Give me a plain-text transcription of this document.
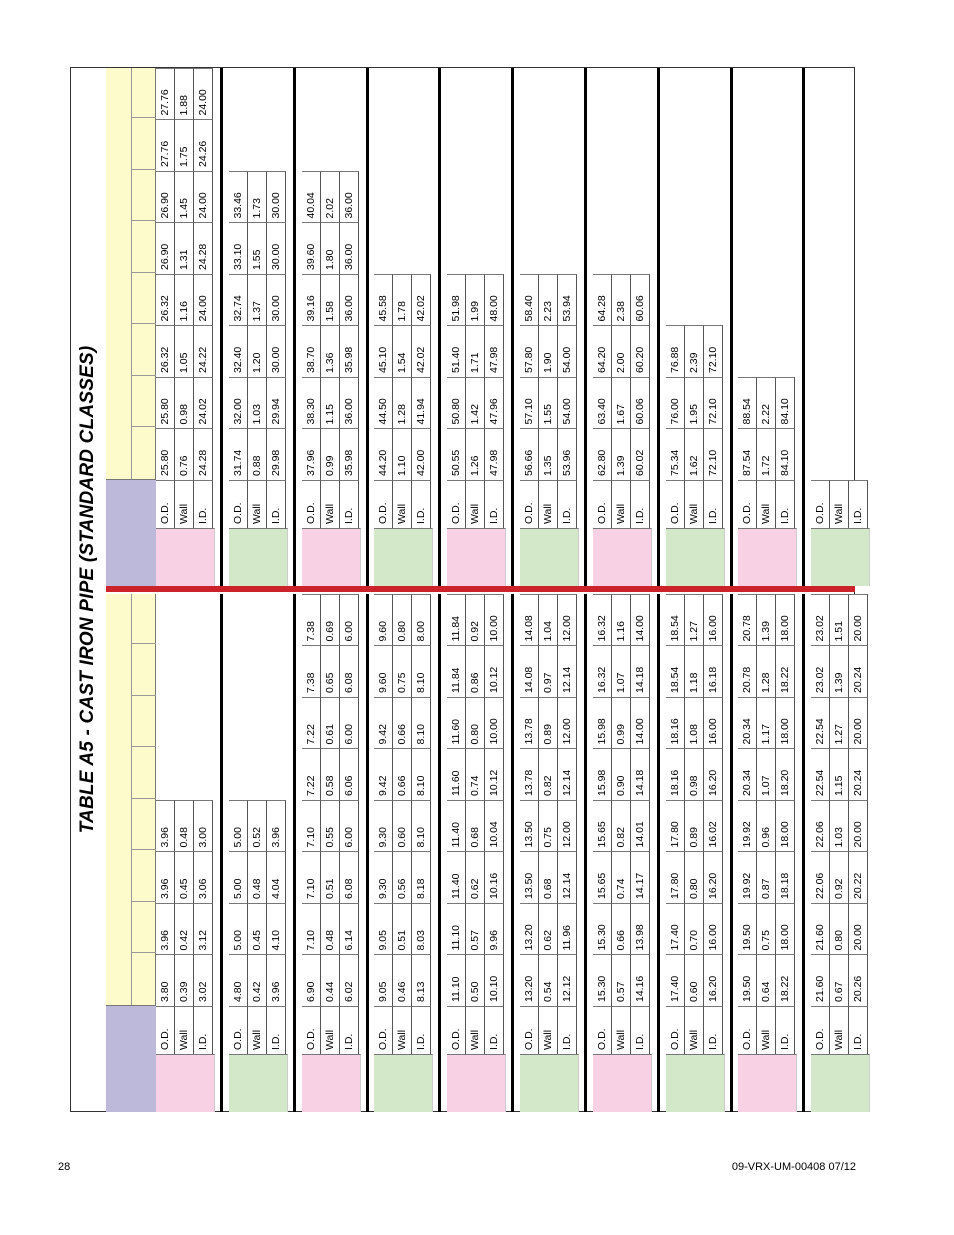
TABLE A5 - CAST IRON PIPE (STANDARD CLASSES)
O.D. Wall I.D.
3.80
3.96
3.96
3.96
0.39
0.42
0.45
0.48
3.02
3.12
3.06
3.00
O.D. Wall I.D.
4.80
5.00
5.00
5.00
0.42
0.45
0.48
0.52
3.96
4.10
4.04
3.96
O.D. Wall I.D.
6.90
7.10
7.10
7.10
7.22
7.22
7.38
7.38
0.44
0.48
0.51
0.55
0.58
0.61
0.65
0.69
6.02
6.14
6.08
6.00
6.06
6.00
6.08
6.00
O.D. Wall I.D.
9.05
9.05
9.30
9.30
9.42
9.42
9.60
9.60
0.46
0.51
0.56
0.60
0.66
0.66
0.75
0.80
8.13
8.03
8.18
8.10
8.10
8.10
8.10
8.00
O.D. Wall I.D.
11.10
11.10
11.40
11.40
11.60
11.60
11.84
11.84
0.50
0.57
0.62
0.68
0.74
0.80
0.86
0.92
10.10
9.96
10.16
10.04
10.12
10.00
10.12
10.00
O.D. Wall I.D.
13.20
13.20
13.50
13.50
13.78
13.78
14.08
14.08
0.54
0.62
0.68
0.75
0.82
0.89
0.97
1.04
12.12
11.96
12.14
12.00
12.14
12.00
12.14
12.00
O.D. Wall I.D.
15.30
15.30
15.65
15.65
15.98
15.98
16.32
16.32
0.57
0.66
0.74
0.82
0.90
0.99
1.07
1.16
14.16
13.98
14.17
14.01
14.18
14.00
14.18
14.00
O.D. Wall I.D.
17.40
17.40
17.80
17.80
18.16
18.16
18.54
18.54
0.60
0.70
0.80
0.89
0.98
1.08
1.18
1.27
16.20
16.00
16.20
16.02
16.20
16.00
16.18
16.00
O.D. Wall I.D.
19.50
19.50
19.92
19.92
20.34
20.34
20.78
20.78
0.64
0.75
0.87
0.96
1.07
1.17
1.28
1.39
18.22
18.00
18.18
18.00
18.20
18.00
18.22
18.00
O.D. Wall I.D.
21.60
21.60
22.06
22.06
22.54
22.54
23.02
23.02
0.67
0.80
0.92
1.03
1.15
1.27
1.39
1.51
20.26
20.00
20.22
20.00
20.24
20.00
20.24
20.00
O.D. Wall I.D.
25.80
25.80
26.32
26.32
26.90
26.90
27.76
27.76
0.76
0.98
1.05
1.16
1.31
1.45
1.75
1.88
24.28
24.02
24.22
24.00
24.28
24.00
24.26
24.00
O.D. Wall I.D.
31.74
32.00
32.40
32.74
33.10
33.46
0.88
1.03
1.20
1.37
1.55
1.73
29.98
29.94
30.00
30.00
30.00
30.00
O.D. Wall I.D.
37.96
38.30
38.70
39.16
39.60
40.04
0.99
1.15
1.36
1.58
1.80
2.02
35.98
36.00
35.98
36.00
36.00
36.00
O.D. Wall I.D.
44.20
44.50
45.10
45.58
1.10
1.28
1.54
1.78
42.00
41.94
42.02
42.02
O.D. Wall I.D.
50.55
50.80
51.40
51.98
1.26
1.42
1.71
1.99
47.98
47.96
47.98
48.00
O.D. Wall I.D.
56.66
57.10
57.80
58.40
1.35
1.55
1.90
2.23
53.96
54.00
54.00
53.94
O.D. Wall I.D.
62.80
63.40
64.20
64.28
1.39
1.67
2.00
2.38
60.02
60.06
60.20
60.06
O.D. Wall I.D.
75.34
76.00
76.88
1.62
1.95
2.39
72.10
72.10
72.10
O.D. Wall I.D.
87.54
88.54
1.72
2.22
84.10
84.10
O.D. Wall I.D.
28	09-VRX-UM-00408 07/12
